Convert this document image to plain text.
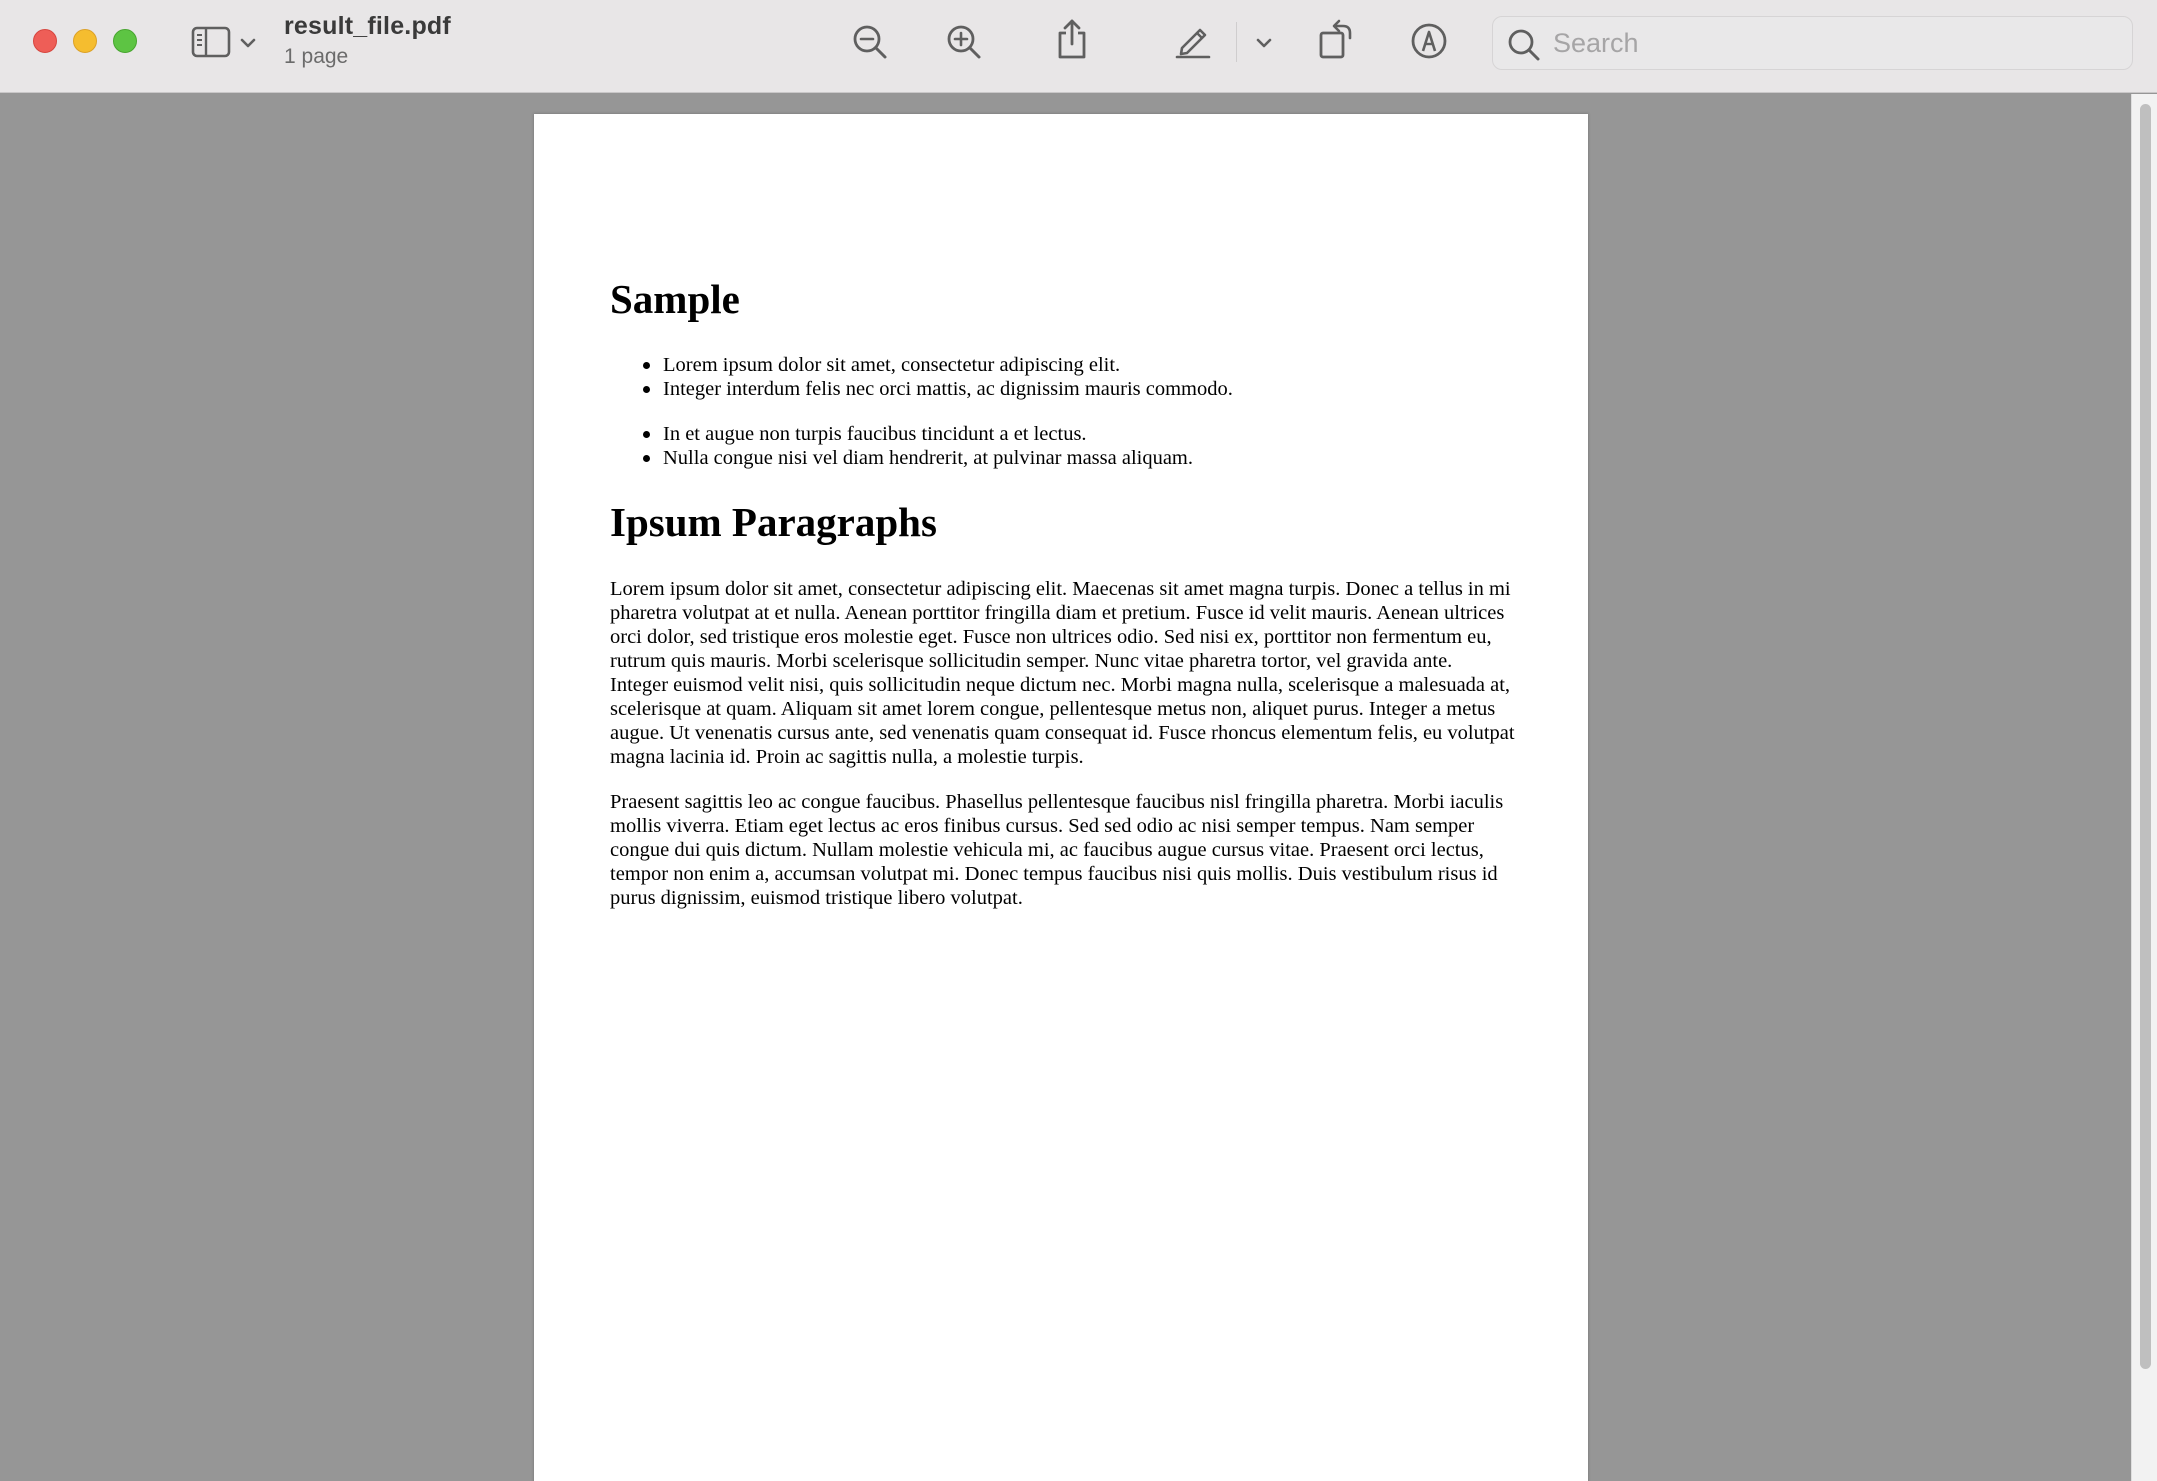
result_file.pdf
1 page
Search
Sample
Lorem ipsum dolor sit amet, consectetur adipiscing elit.
Integer interdum felis nec orci mattis, ac dignissim mauris commodo.
In et augue non turpis faucibus tincidunt a et lectus.
Nulla congue nisi vel diam hendrerit, at pulvinar massa aliquam.
Ipsum Paragraphs

Lorem ipsum dolor sit amet, consectetur adipiscing elit. Maecenas sit amet magna turpis. Donec a tellus in mi pharetra volutpat at et nulla. Aenean porttitor fringilla diam et pretium. Fusce id velit mauris. Aenean ultrices orci dolor, sed tristique eros molestie eget. Fusce non ultrices odio. Sed nisi ex, porttitor non fermentum eu, rutrum quis mauris. Morbi scelerisque sollicitudin semper. Nunc vitae pharetra tortor, vel gravida ante. Integer euismod velit nisi, quis sollicitudin neque dictum nec. Morbi magna nulla, scelerisque a malesuada at, scelerisque at quam. Aliquam sit amet lorem congue, pellentesque metus non, aliquet purus. Integer a metus augue. Ut venenatis cursus ante, sed venenatis quam consequat id. Fusce rhoncus elementum felis, eu volutpat magna lacinia id. Proin ac sagittis nulla, a molestie turpis.

Praesent sagittis leo ac congue faucibus. Phasellus pellentesque faucibus nisl fringilla pharetra. Morbi iaculis mollis viverra. Etiam eget lectus ac eros finibus cursus. Sed sed odio ac nisi semper tempus. Nam semper congue dui quis dictum. Nullam molestie vehicula mi, ac faucibus augue cursus vitae. Praesent orci lectus, tempor non enim a, accumsan volutpat mi. Donec tempus faucibus nisi quis mollis. Duis vestibulum risus id purus dignissim, euismod tristique libero volutpat.
